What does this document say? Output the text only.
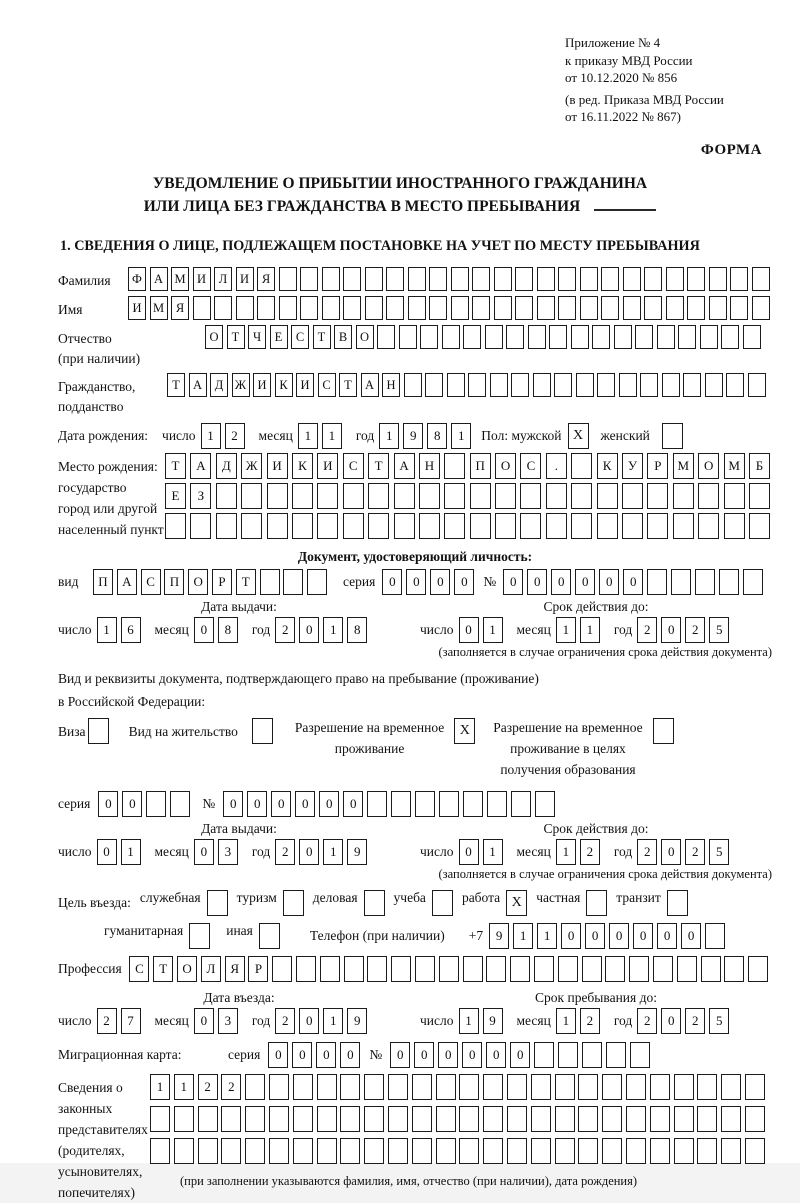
Приложение № 4
к приказу МВД России
от 10.12.2020 № 856
(в ред. Приказа МВД России
от 16.11.2022 № 867)
ФОРМА
УВЕДОМЛЕНИЕ О ПРИБЫТИИ ИНОСТРАННОГО ГРАЖДАНИНА
ИЛИ ЛИЦА БЕЗ ГРАЖДАНСТВА В МЕСТО ПРЕБЫВАНИЯ
1. СВЕДЕНИЯ О ЛИЦЕ, ПОДЛЕЖАЩЕМ ПОСТАНОВКЕ НА УЧЕТ ПО МЕСТУ ПРЕБЫВАНИЯ
Фамилия	Ф А М И	Л	И	Я
Имя	И М Я
Отчество
(при наличии)
О	Т	Ч	Е	С	Т	В	О
Гражданство,
подданство
Т	А	Д Ж И	К	И	С	Т	А Н
Дата рождения: число 1	2	месяц 1	1	год 1	9	8	1	Пол: мужской X	женский
Место рождения:
государство
город или другой
населенный пункт
Т	А	Д	Ж	И	К	И	С	Т	А	Н	П	О	С	.	К	У	Р	М	О	М	Б

Е	З

Документ, удостоверяющий личность:
вид	П	А	С	П	О	Р	Т	серия	0	0	0	0	№	0	0	0	0	0	0
Дата выдачи:	Срок действия до:
число 1	6	месяц 0	8	год 2	0	1	8	число 0	1	месяц 1	1	год 2	0	2	5
(заполняется в случае ограничения срока действия документа)
Вид и реквизиты документа, подтверждающего право на пребывание (проживание)
в Российской Федерации:
Виза	Вид на жительство	Разрешение на временное
проживание
X	Разрешение на временное
проживание в целях
получения образования
серия	0	0	№	0	0	0	0	0	0
Дата выдачи:	Срок действия до:
число 0	1	месяц 0	3	год 2	0	1	9	число 0	1	месяц 1	2	год 2	0	2	5
(заполняется в случае ограничения срока действия документа)
Цель въезда: служебная	туризм	деловая	учеба	работа X	частная	транзит
гуманитарная	иная	Телефон (при наличии) +7 9	1	1	0	0	0	0	0	0
Профессия	С	Т	О	Л	Я	Р
Дата въезда:	Срок пребывания до:
число 2	7	месяц 0	3	год 2	0	1	9	число 1	9	месяц 1	2	год 2	0	2	5
Миграционная карта:	серия	0	0	0	0	№	0	0	0	0	0	0
Сведения о
законных
представителях
(родителях,
усыновителях,
попечителях)
1	1	2	2

(при заполнении указываются фамилия, имя, отчество (при наличии), дата рождения)
